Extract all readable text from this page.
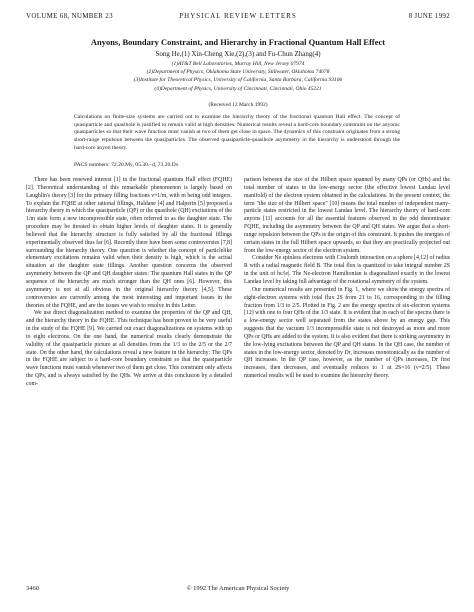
VOLUME 68, NUMBER 23	PHYSICAL REVIEW LETTERS	8 JUNE 1992
Anyons, Boundary Constraint, and Hierarchy in Fractional Quantum Hall Effect
Song He,(1) Xin-Cheng Xie,(2),(3) and Fu-Chun Zhang(4)
(1)AT&T Bell Laboratories, Murray Hill, New Jersey 07974
(2)Department of Physics, Oklahoma State University, Stillwater, Oklahoma 74078
(3)Institute for Theoretical Physics, University of California, Santa Barbara, California 93106
(4)Department of Physics, University of Cincinnati, Cincinnati, Ohio 45221
(Received 12 March 1992)
Calculations on finite-size systems are carried out to examine the hierarchy theory of the fractional quantum Hall effect. The concept of quasiparticle and quasihole is justified to remain valid at high densities. Numerical results reveal a hard-core boundary constraint on the anyonic quasiparticles so that their wave function must vanish at two of them get close in space. The dynamics of this constraint originates from a strong short-range repulsion between the quasiparticles. The observed quasiparticle-quasihole asymmetry in the hierarchy is understood through the hard-core anyon theory.
PACS numbers: 72.20.My, 05.30.–d, 73.20.Dx

There has been renewed interest [1] in the fractional quantum Hall effect (FQHE) [2]. Theoretical understanding of this remarkable phenomenon is largely based on Laughlin's theory [3] for the primary filling fractions ν=1/m, with m being odd integers. To explain the FQHE at other rational fillings, Haldane [4] and Halperin [5] proposed a hierarchy theory in which the quasiparticle (QP) or the quasihole (QH) excitations of the 1/m state form a new incompressible state, often referred to as the daughter state. The procedure may be iterated to obtain higher levels of daughter states. It is generally believed that the hierarchy structure is fully satisfied by all the fractional fillings experimentally observed thus far [6]. Recently there have been some controversies [7,8] surrounding the hierarchy theory. One question is whether the concept of particlelike elementary excitations remains valid when their density is high, which is the actual situation at the daughter state fillings. Another question concerns the observed asymmetry between the QP and QH daughter states: The quantum Hall states in the QP sequence of the hierarchy are much stronger than the QH ones [6]. However, this asymmetry is not at all obvious in the original hierarchy theory [4,5]. These controversies are currently among the most interesting and important issues in the theories of the FQHE, and are the issues we wish to resolve in this Letter.

We use direct diagonalization method to examine the properties of the QP and QH, and the hierarchy theory in the FQHE. This technique has been proven to be very useful in the study of the FQHE [9]. We carried out exact diagonalizations on systems with up to eight electrons. On the one hand, the numerical results clearly demonstrate the validity of the quasiparticle picture at all densities from the 1/3 to the 2/5 or the 2/7 state. On the other hand, the calculations reveal a new feature in the hierarchy: The QPs in the FQHE are subject to a hard-core boundary constraint so that the quasiparticle wave functions must vanish whenever two of them get close. This constraint only affects the QPs, and is always satisfied by the QHs. We arrive at this conclusion by a detailed com-

parison between the size of the Hilbert space spanned by many QPs (or QHs) and the total number of states in the low-energy sector (the effective lowest Landau level manifold) of the electron system obtained in the calculations. In the present context, the term "the size of the Hilbert space" [10] means the total number of independent many-particle states restricted in the lowest Landau level. The hierarchy theory of hard-core anyons [11] accounts for all the essential features observed in the odd denominator FQHE, including the asymmetry between the QP and QH states. We argue that a short-range repulsion between the QPs is the origin of this constraint. It pushes the energies of certain states in the full Hilbert space upwards, so that they are practically projected out from the low-energy sector of the electron system.

Consider Ne spinless electrons with Coulomb interaction on a sphere [4,12] of radius R with a radial magnetic field B. The total flux is quantized to take integral number 2S in the unit of hc/|e|. The Ne-electron Hamiltonian is diagonalized exactly in the lowest Landau level by taking full advantage of the rotational symmetry of the system.

Our numerical results are presented in Fig. 1, where we show the energy spectra of eight-electron systems with total flux 2S from 21 to 16, corresponding to the filling fraction from 1/3 to 2/5. Plotted in Fig. 2 are the energy spectra of six-electron systems [12] with one to four QHs of the 1/3 state. It is evident that in each of the spectra there is a low-energy sector well separated from the states above by an energy gap. This suggests that the vacuum 1/3 incompressible state is not destroyed as more and more QPs or QHs are added to the system. It is also evident that there is striking asymmetry in the low-lying excitations between the QP and QH states. In the QH case, the number of states in the low-energy sector, denoted by Dr, increases monotonically as the number of QH increases. In the QP case, however, as the number of QPs increases, Dr first increases, then decreases, and eventually reduces to 1 at 2S=16 (ν=2/5). These numerical results will be used to examine the hierarchy theory.

3460	© 1992 The American Physical Society
